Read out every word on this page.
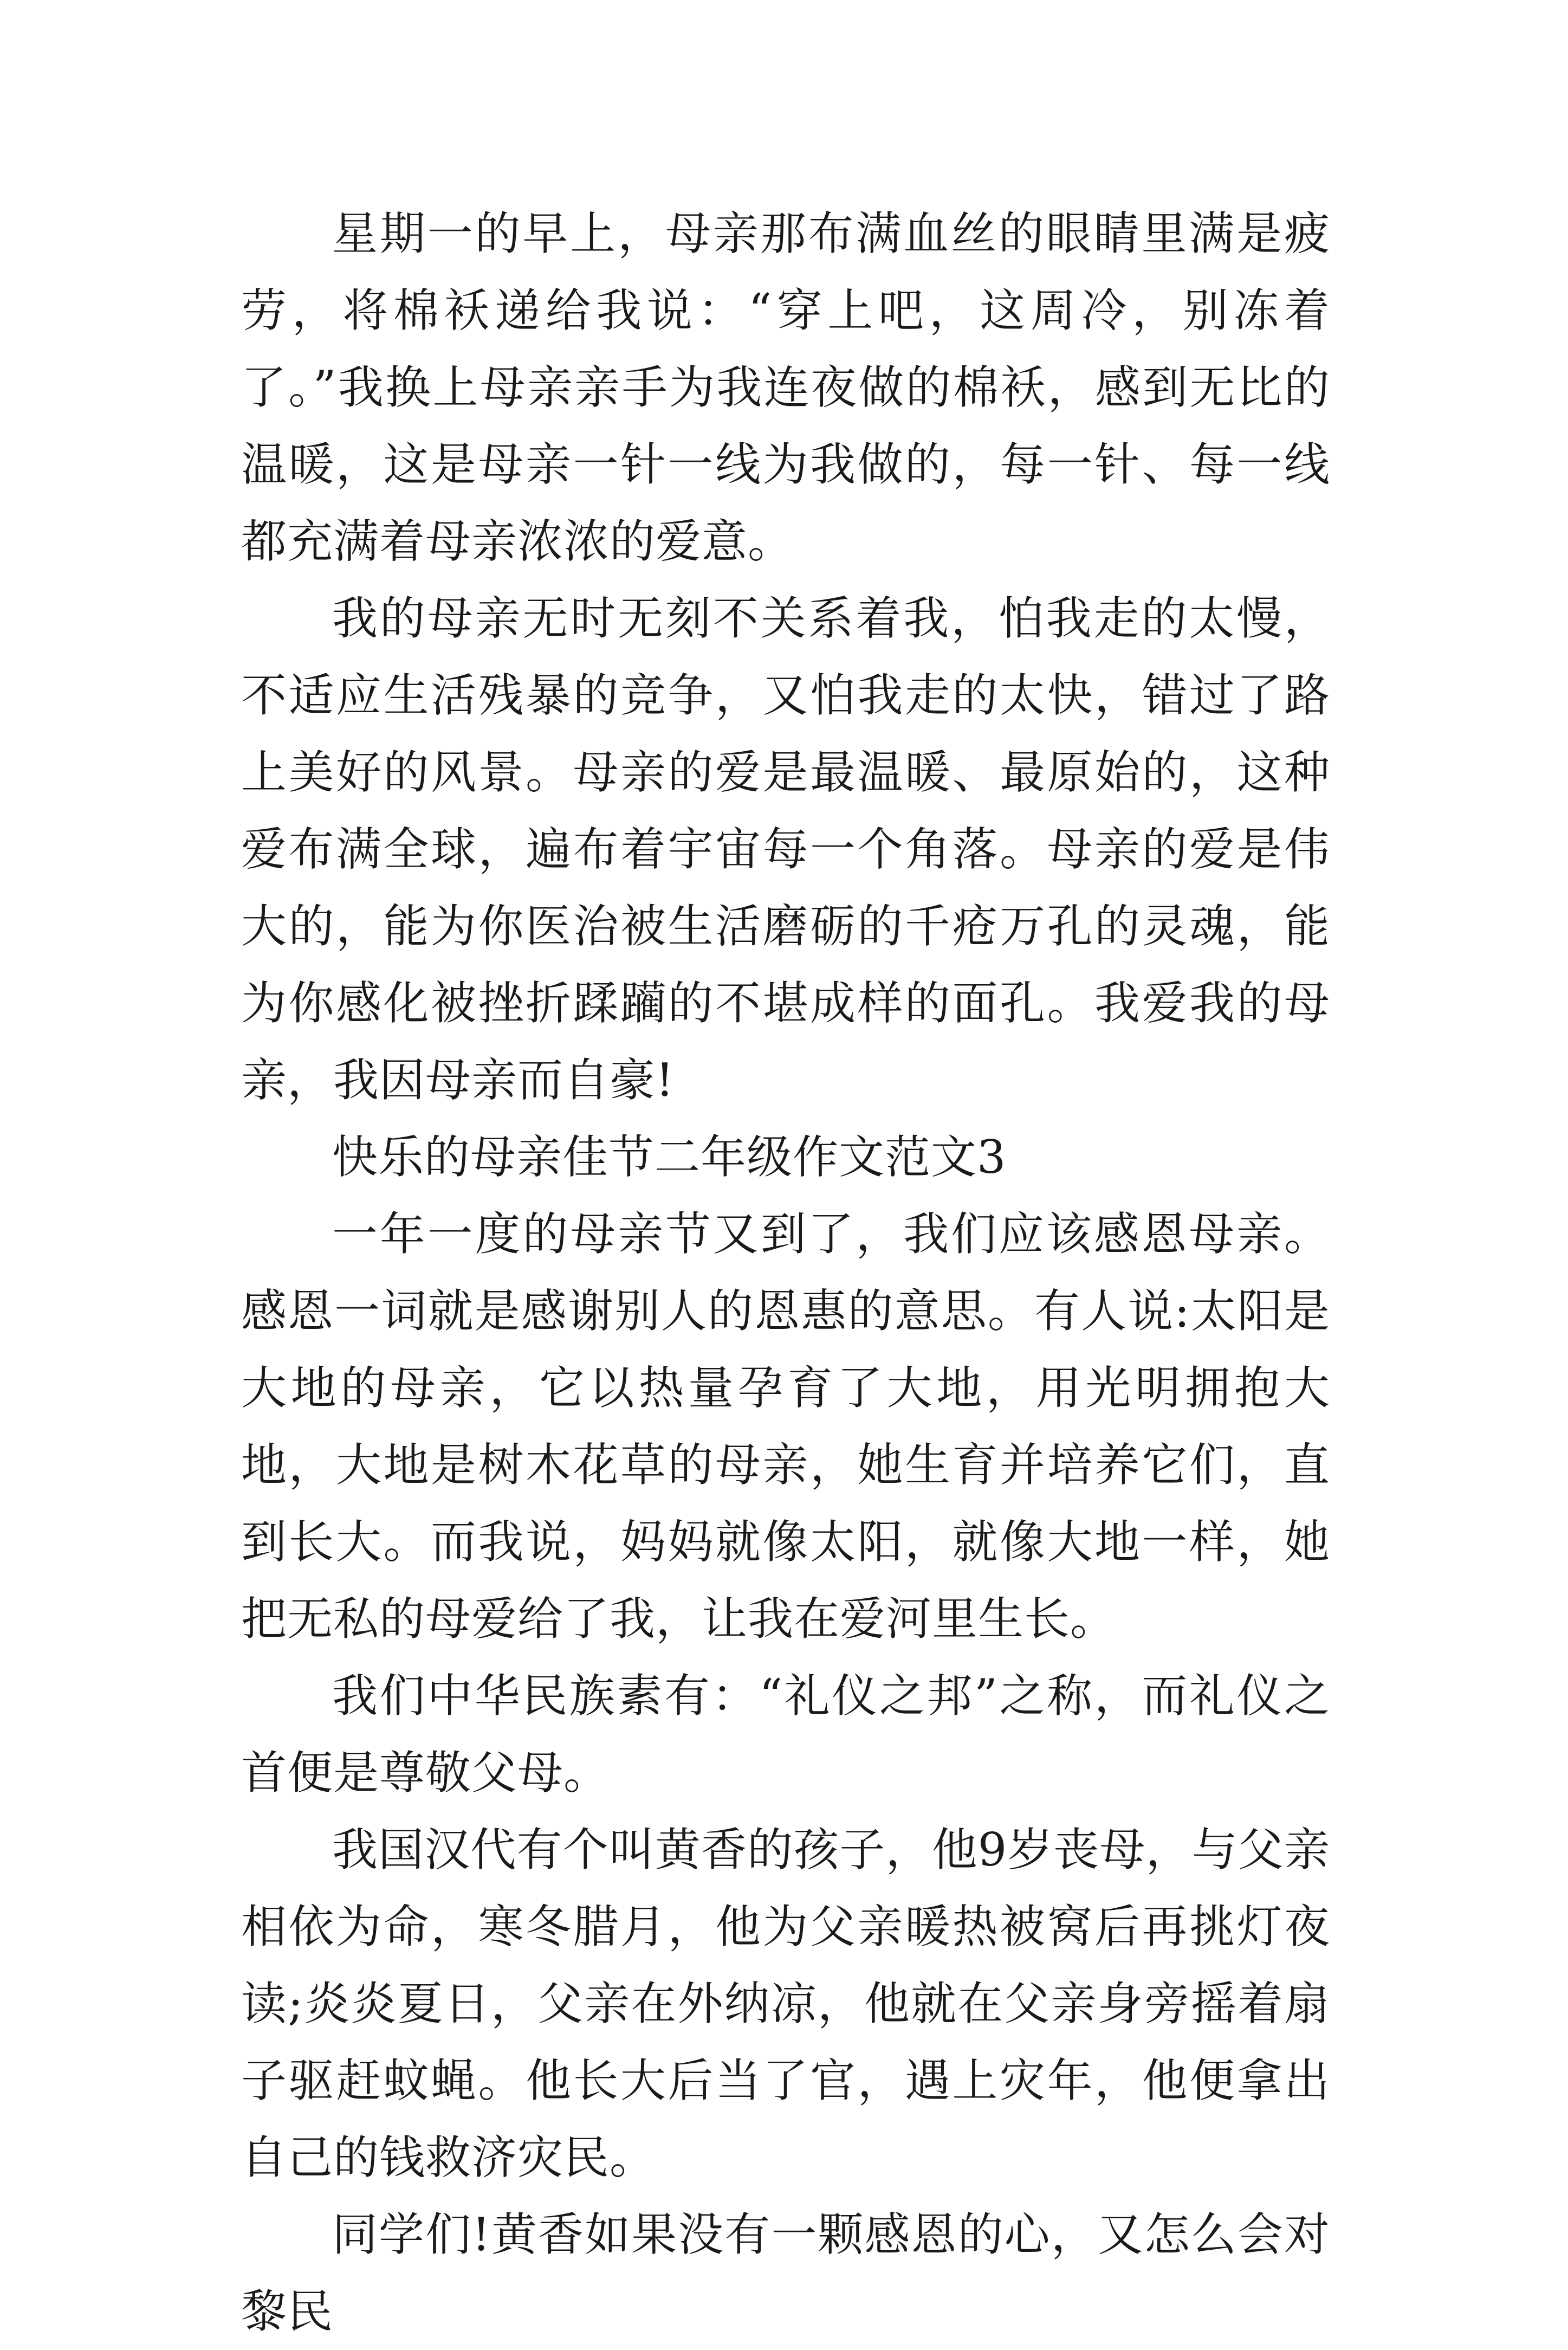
星期一的早上，母亲那布满血丝的眼睛里满是疲劳，将棉袄递给我说：“穿上吧，这周冷，别冻着了。”我换上母亲亲手为我连夜做的棉袄，感到无比的温暖，这是母亲一针一线为我做的，每一针、每一线都充满着母亲浓浓的爱意。

我的母亲无时无刻不关系着我，怕我走的太慢，不适应生活残暴的竞争，又怕我走的太快，错过了路上美好的风景。母亲的爱是最温暖、最原始的，这种爱布满全球，遍布着宇宙每一个角落。母亲的爱是伟大的，能为你医治被生活磨砺的千疮万孔的灵魂，能为你感化被挫折蹂躏的不堪成样的面孔。我爱我的母亲，我因母亲而自豪!

快乐的母亲佳节二年级作文范文3

一年一度的母亲节又到了，我们应该感恩母亲。感恩一词就是感谢别人的恩惠的意思。有人说:太阳是大地的母亲，它以热量孕育了大地，用光明拥抱大地，大地是树木花草的母亲，她生育并培养它们，直到长大。而我说，妈妈就像太阳，就像大地一样，她把无私的母爱给了我，让我在爱河里生长。

我们中华民族素有：“礼仪之邦”之称，而礼仪之首便是尊敬父母。

我国汉代有个叫黄香的孩子，他9岁丧母，与父亲相依为命，寒冬腊月，他为父亲暖热被窝后再挑灯夜读;炎炎夏日，父亲在外纳凉，他就在父亲身旁摇着扇子驱赶蚊蝇。他长大后当了官，遇上灾年，他便拿出自己的钱救济灾民。

同学们!黄香如果没有一颗感恩的心，又怎么会对黎民
